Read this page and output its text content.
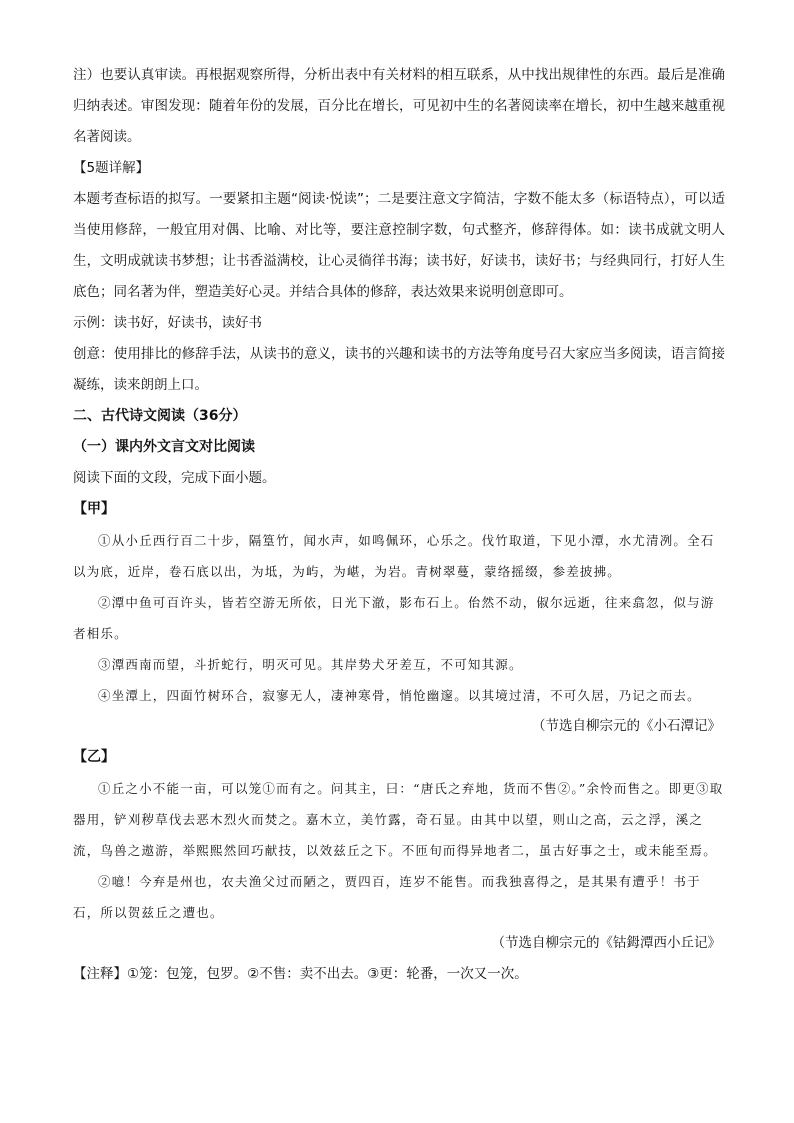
注）也要认真审读。再根据观察所得，分析出表中有关材料的相互联系，从中找出规律性的东西。最后是准确归纳表述。审图发现：随着年份的发展，百分比在增长，可见初中生的名著阅读率在增长，初中生越来越重视名著阅读。

【5题详解】

本题考查标语的拟写。一要紧扣主题“阅读·悦读”；二是要注意文字简洁，字数不能太多（标语特点），可以适当使用修辞，一般宜用对偶、比喻、对比等，要注意控制字数，句式整齐，修辞得体。如：读书成就文明人生，文明成就读书梦想；让书香溢满校，让心灵徜徉书海；读书好，好读书，读好书；与经典同行，打好人生底色；同名著为伴，塑造美好心灵。并结合具体的修辞，表达效果来说明创意即可。

示例：读书好，好读书，读好书

创意：使用排比的修辞手法，从读书的意义，读书的兴趣和读书的方法等角度号召大家应当多阅读，语言简接凝练，读来朗朗上口。

二、古代诗文阅读（36分）

（一）课内外文言文对比阅读

阅读下面的文段，完成下面小题。

【甲】

①从小丘西行百二十步，隔篁竹，闻水声，如鸣佩环，心乐之。伐竹取道，下见小潭，水尤清冽。全石以为底，近岸，卷石底以出，为坻，为屿，为嵁，为岩。青树翠蔓，蒙络摇缀，参差披拂。

②潭中鱼可百许头，皆若空游无所依，日光下澈，影布石上。佁然不动，俶尔远逝，往来翕忽，似与游者相乐。

③潭西南而望，斗折蛇行，明灭可见。其岸势犬牙差互，不可知其源。

④坐潭上，四面竹树环合，寂寥无人，凄神寒骨，悄怆幽邃。以其境过清，不可久居，乃记之而去。

（节选自柳宗元的《小石潭记》

【乙】

①丘之小不能一亩，可以笼①而有之。问其主，曰：“唐氏之弃地，货而不售②。”余怜而售之。即更③取器用，铲刈秽草伐去恶木烈火而焚之。嘉木立，美竹露，奇石显。由其中以望，则山之高，云之浮，溪之流，鸟兽之遨游，举熙熙然回巧献技，以效兹丘之下。不匝旬而得异地者二，虽古好事之士，或未能至焉。

②噫！今弃是州也，农夫渔父过而陋之，贾四百，连岁不能售。而我独喜得之，是其果有遭乎！书于石，所以贺兹丘之遭也。

（节选自柳宗元的《钴鉧潭西小丘记》

【注释】①笼：包笼，包罗。②不售：卖不出去。③更：轮番，一次又一次。
